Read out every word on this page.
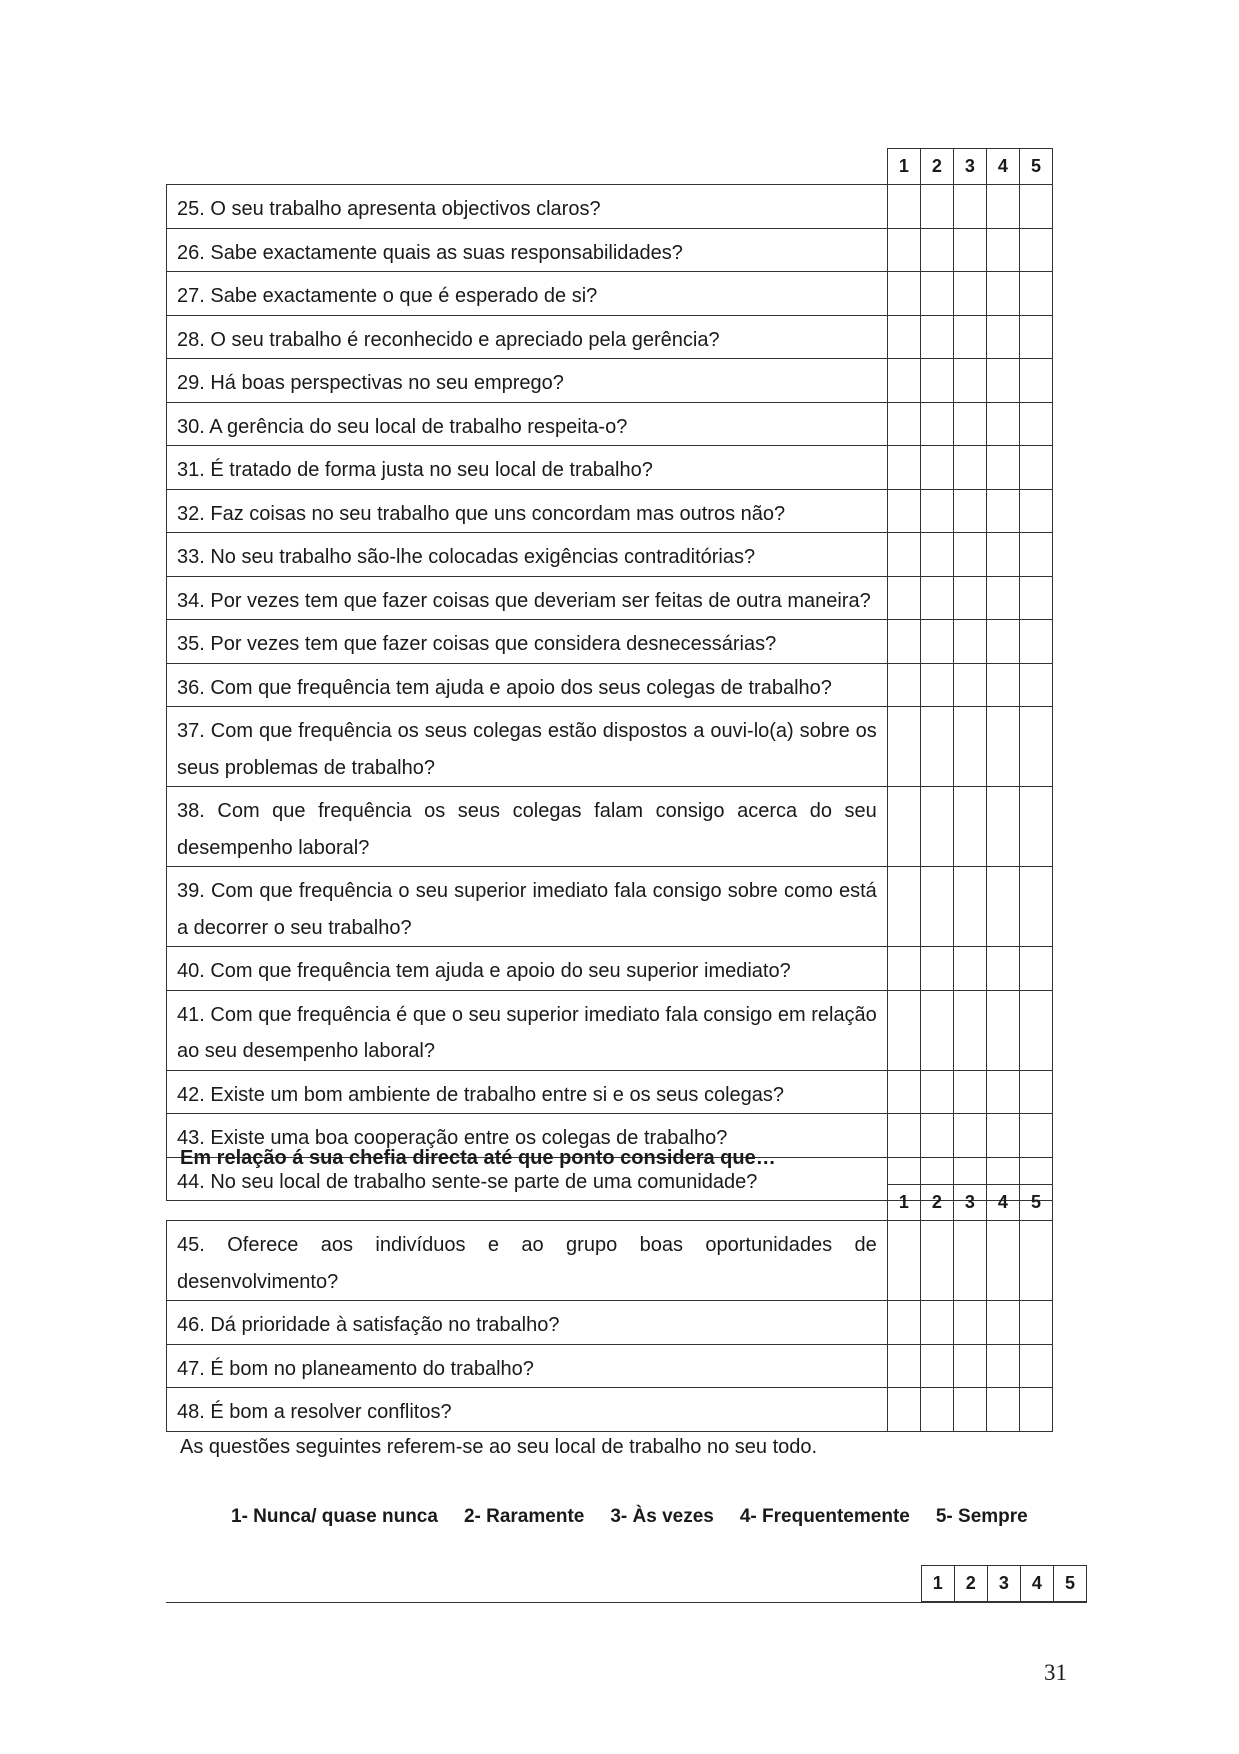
	1	2	3	4	5
25. O seu trabalho apresenta objectivos claros?					
26. Sabe exactamente quais as suas responsabilidades?					
27. Sabe exactamente o que é esperado de si?					
28. O seu trabalho é reconhecido e apreciado pela gerência?					
29. Há boas perspectivas no seu emprego?					
30. A gerência do seu local de trabalho respeita-o?					
31. É tratado de forma justa no seu local de trabalho?					
32. Faz coisas no seu trabalho que uns concordam mas outros não?					
33. No seu trabalho são-lhe colocadas exigências contraditórias?					
34. Por vezes tem que fazer coisas que deveriam ser feitas de outra maneira?					
35. Por vezes tem que fazer coisas que considera desnecessárias?					
36. Com que frequência tem ajuda e apoio dos seus colegas de trabalho?					
37. Com que frequência os seus colegas estão dispostos a ouvi-lo(a) sobre os seus problemas de trabalho?					
38. Com que frequência os seus colegas falam consigo acerca do seu desempenho laboral?					
39. Com que frequência o seu superior imediato fala consigo sobre como está a decorrer o seu trabalho?					
40. Com que frequência tem ajuda e apoio do seu superior imediato?					
41. Com que frequência é que o seu superior imediato fala consigo em relação ao seu desempenho laboral?					
42. Existe um bom ambiente de trabalho entre si e os seus colegas?					
43. Existe uma boa cooperação entre os colegas de trabalho?					
44. No seu local de trabalho sente-se parte de uma comunidade?					
Em relação á sua chefia directa até que ponto considera que…
	1	2	3	4	5
45. Oferece aos indivíduos e ao grupo boas oportunidades de desenvolvimento?					
46. Dá prioridade à satisfação no trabalho?					
47. É bom no planeamento do trabalho?					
48. É bom a resolver conflitos?					
As questões seguintes referem-se ao seu local de trabalho no seu todo.
1- Nunca/ quase nunca 2- Raramente 3- Às vezes 4- Frequentemente 5- Sempre
	1	2	3	4	5

31
